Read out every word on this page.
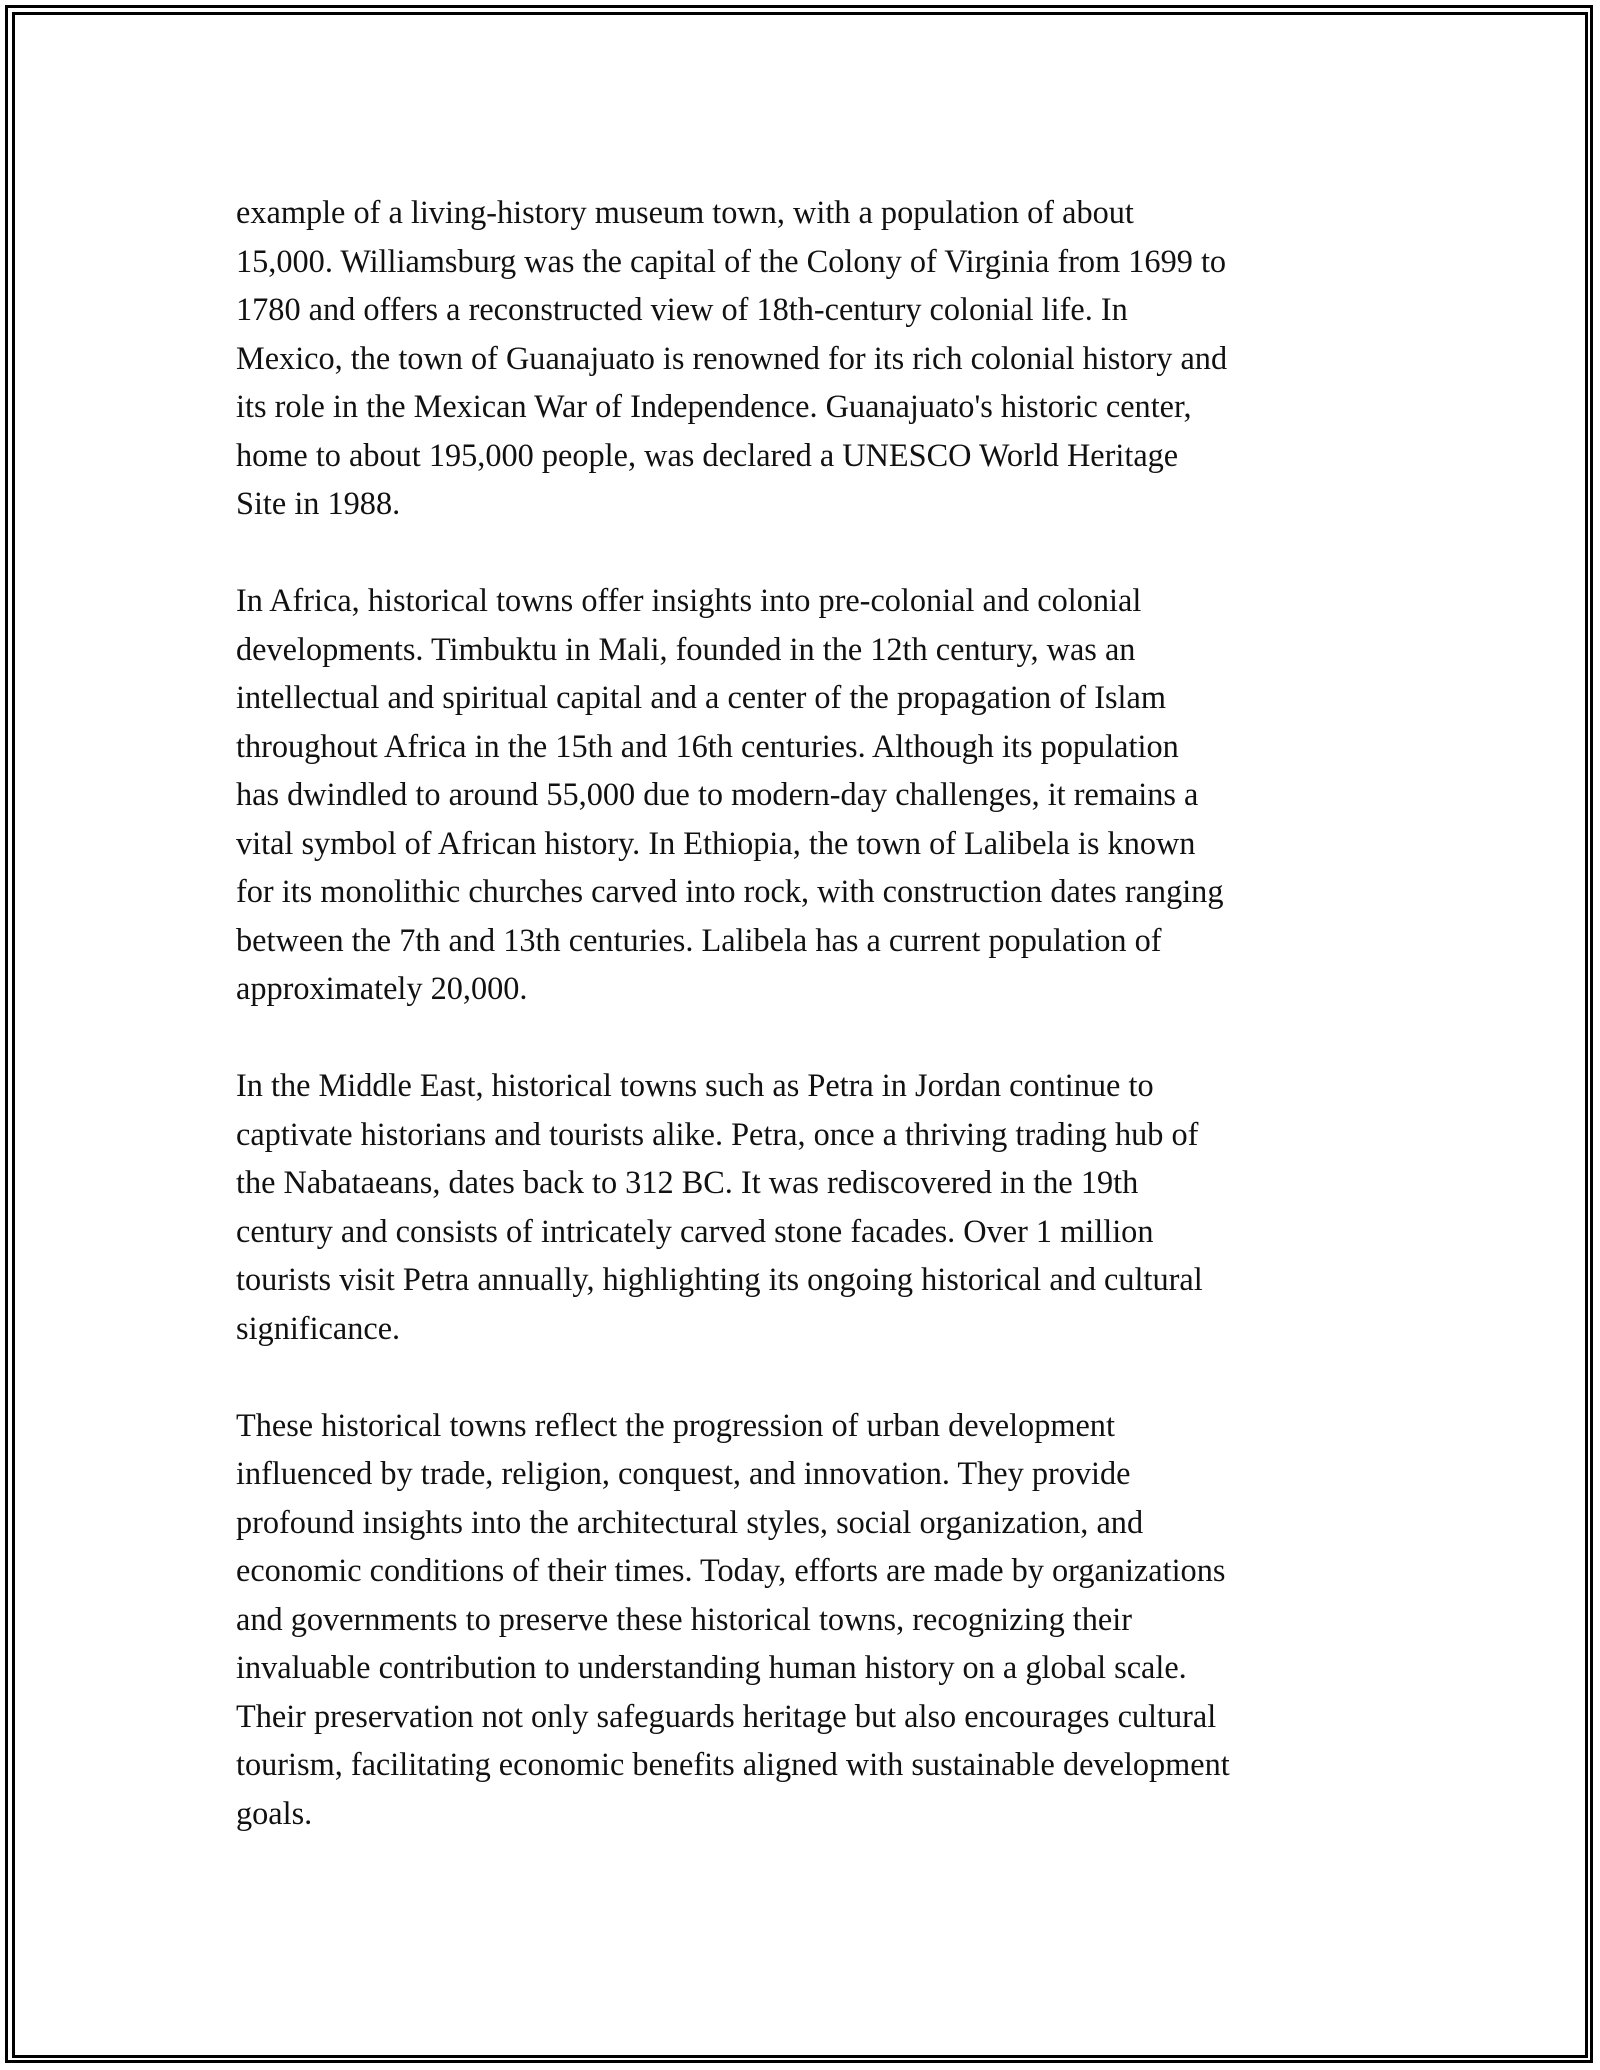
example of a living-history museum town, with a population of about
15,000. Williamsburg was the capital of the Colony of Virginia from 1699 to
1780 and offers a reconstructed view of 18th-century colonial life. In
Mexico, the town of Guanajuato is renowned for its rich colonial history and
its role in the Mexican War of Independence. Guanajuato's historic center,
home to about 195,000 people, was declared a UNESCO World Heritage
Site in 1988.

In Africa, historical towns offer insights into pre-colonial and colonial
developments. Timbuktu in Mali, founded in the 12th century, was an
intellectual and spiritual capital and a center of the propagation of Islam
throughout Africa in the 15th and 16th centuries. Although its population
has dwindled to around 55,000 due to modern-day challenges, it remains a
vital symbol of African history. In Ethiopia, the town of Lalibela is known
for its monolithic churches carved into rock, with construction dates ranging
between the 7th and 13th centuries. Lalibela has a current population of
approximately 20,000.

In the Middle East, historical towns such as Petra in Jordan continue to
captivate historians and tourists alike. Petra, once a thriving trading hub of
the Nabataeans, dates back to 312 BC. It was rediscovered in the 19th
century and consists of intricately carved stone facades. Over 1 million
tourists visit Petra annually, highlighting its ongoing historical and cultural
significance.

These historical towns reflect the progression of urban development
influenced by trade, religion, conquest, and innovation. They provide
profound insights into the architectural styles, social organization, and
economic conditions of their times. Today, efforts are made by organizations
and governments to preserve these historical towns, recognizing their
invaluable contribution to understanding human history on a global scale.
Their preservation not only safeguards heritage but also encourages cultural
tourism, facilitating economic benefits aligned with sustainable development
goals.
